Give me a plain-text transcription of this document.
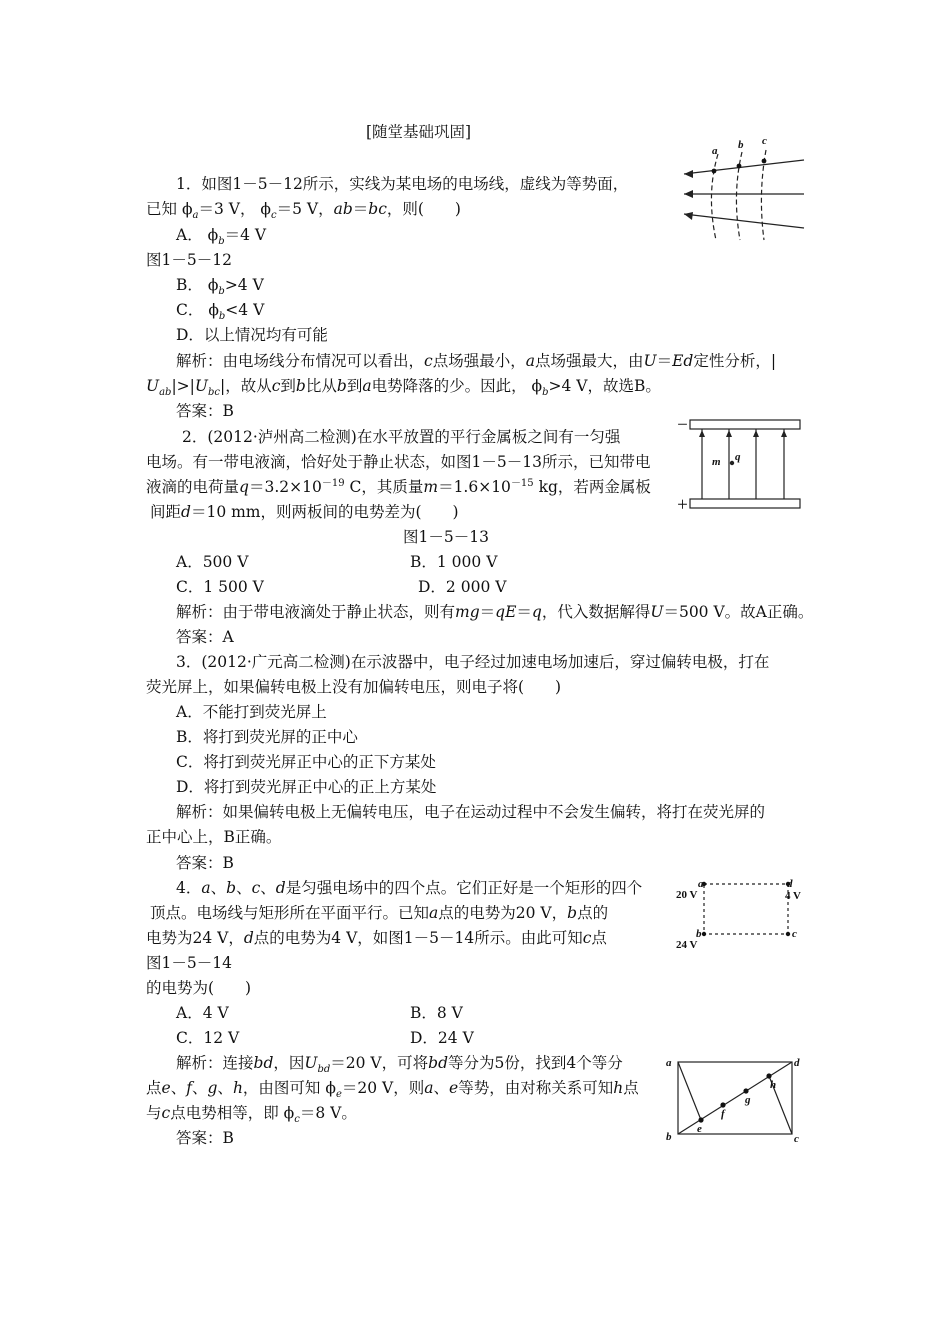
[随堂基础巩固]
1．如图1－5－12所示，实线为某电场的电场线，虚线为等势面，
已知 $\phi_a=3$ V， $\phi_c=5$ V，ab＝bc，则(　　)
A． $\phi_b=4$ V
图1－5－12
B． $\phi_b>4$ V
C． $\phi_b<4$ V
D．以上情况均有可能
解析：由电场线分布情况可以看出，c点场强最小，a点场强最大，由U＝Ed定性分析，|
$U_{ab}|>|U_{bc}|$，故从c到b比从b到a电势降落的少。因此， $\phi_b>4$ V，故选B。
答案：B
a b c
2．(2012·泸州高二检测)在水平放置的平行金属板之间有一匀强
电场。有一带电液滴，恰好处于静止状态，如图1－5－13所示，已知带电
液滴的电荷量$q=3.2\times 10^{-19}$ C，其质量$m=1.6\times 10^{-15}$ kg，若两金属板
间距d＝10 mm，则两板间的电势差为(　　)
图1－5－13
A．500 V	B．1 000 V
C．1 500 V	D．2 000 V
解析：由于带电液滴处于静止状态，则有mg＝qE＝q，代入数据解得U＝500 V。故A正确。
答案：A
－
＋
m q
3．(2012·广元高二检测)在示波器中，电子经过加速电场加速后，穿过偏转电极，打在
荧光屏上，如果偏转电极上没有加偏转电压，则电子将(　　)
A．不能打到荧光屏上
B．将打到荧光屏的正中心
C．将打到荧光屏正中心的正下方某处
D．将打到荧光屏正中心的正上方某处
解析：如果偏转电极上无偏转电压，电子在运动过程中不会发生偏转，将打在荧光屏的
正中心上，B正确。
答案：B
4．a、b、c、d是匀强电场中的四个点。它们正好是一个矩形的四个
顶点。电场线与矩形所在平面平行。已知a点的电势为20 V，b点的
电势为24 V，d点的电势为4 V，如图1－5－14所示。由此可知c点
图1－5－14
的电势为(　　)
A．4 V	B．8 V
C．12 V	D．24 V
解析：连接bd，因$U_{bd}=20$ V，可将bd等分为5份，找到4个等分
点e、f、g、h，由图可知 $\phi_e=20$ V，则a、e等势，由对称关系可知h点
与c点电势相等，即 $\phi_c=8$ V。
答案：B
a
20 V
d
4 V
b
24 V
c
a	d
b	c
e
f
g
h
